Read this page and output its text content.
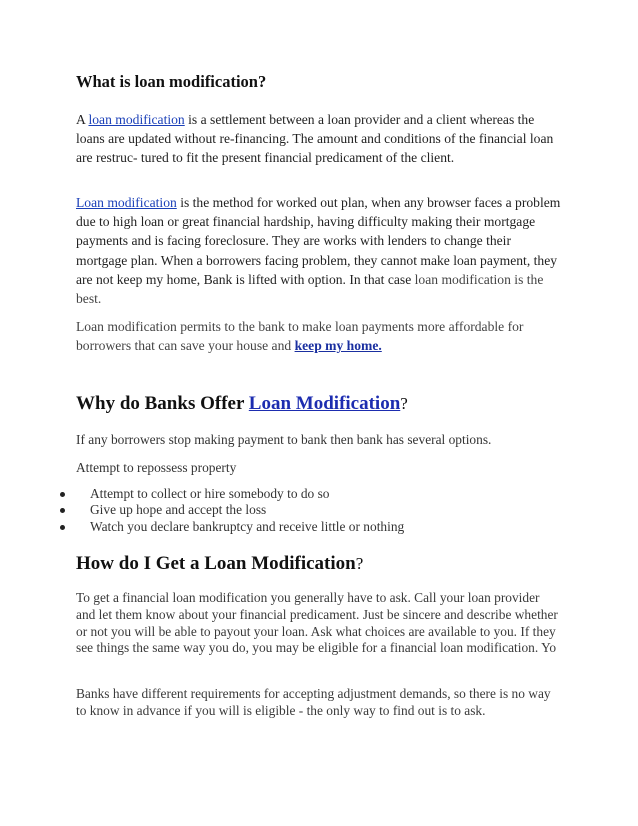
What is loan modification?

A loan modification is a settlement between a loan provider and a client whereas the loans are updated without re-financing. The amount and conditions of the financial loan are restruc- tured to fit the present financial predicament of the client.

Loan modification is the method for worked out plan, when any browser faces a problem due to high loan or great financial hardship, having difficulty making their mortgage payments and is facing foreclosure. They are works with lenders to change their mortgage plan. When a borrowers facing problem, they cannot make loan payment, they are not keep my home, Bank is lifted with option. In that case loan modification is the best.

Loan modification permits to the bank to make loan payments more affordable for borrowers that can save your house and keep my home.

Why do Banks Offer Loan Modification?

If any borrowers stop making payment to bank then bank has several options.

Attempt to repossess property

Attempt to collect or hire somebody to do so
Give up hope and accept the loss
Watch you declare bankruptcy and receive little or nothing
How do I Get a Loan Modification?

To get a financial loan modification you generally have to ask. Call your loan provider and let them know about your financial predicament. Just be sincere and describe whether or not you will be able to payout your loan. Ask what choices are available to you. If they see things the same way you do, you may be eligible for a financial loan modification. Yo

Banks have different requirements for accepting adjustment demands, so there is no way to know in advance if you will is eligible - the only way to find out is to ask.
